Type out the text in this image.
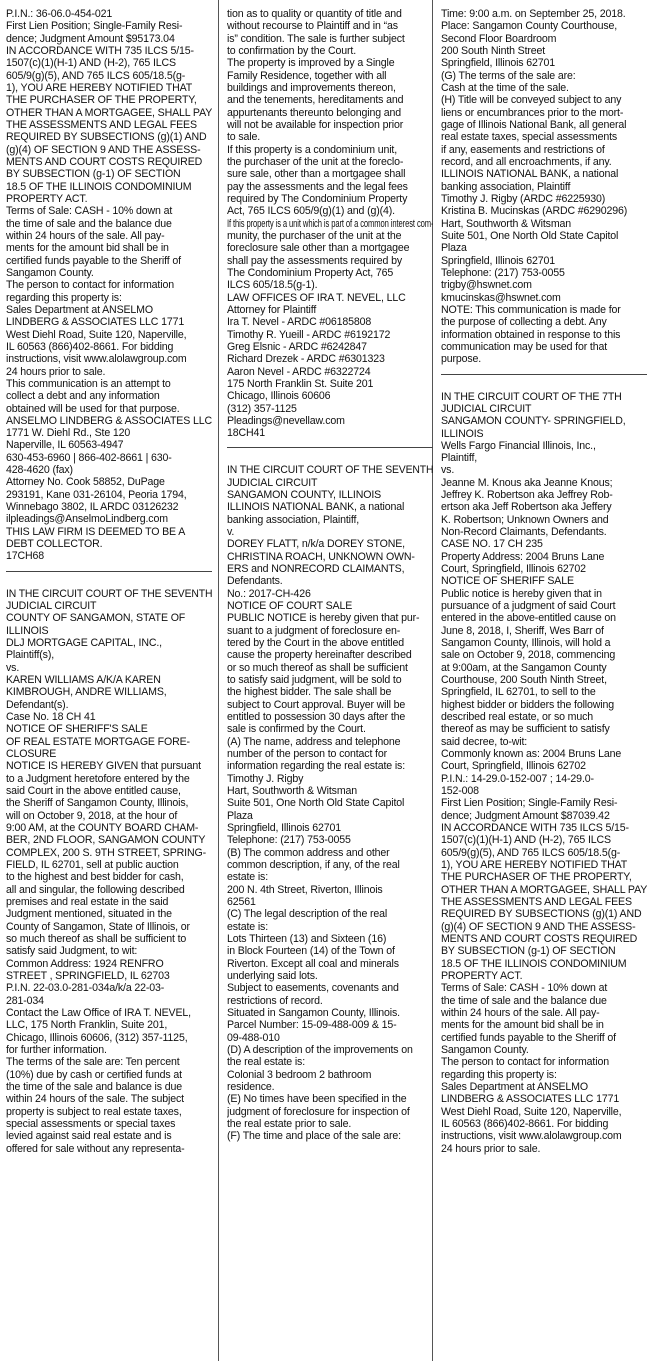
P.I.N.: 36-06.0-454-021
First Lien Position; Single-Family Resi-
dence; Judgment Amount $95173.04
IN ACCORDANCE WITH 735 ILCS 5/15-
1507(c)(1)(H-1) AND (H-2), 765 ILCS
605/9(g)(5), AND 765 ILCS 605/18.5(g-
1), YOU ARE HEREBY NOTIFIED THAT
THE PURCHASER OF THE PROPERTY,
OTHER THAN A MORTGAGEE, SHALL PAY
THE ASSESSMENTS AND LEGAL FEES
REQUIRED BY SUBSECTIONS (g)(1) AND
(g)(4) OF SECTION 9 AND THE ASSESS-
MENTS AND COURT COSTS REQUIRED
BY SUBSECTION (g-1) OF SECTION
18.5 OF THE ILLINOIS CONDOMINIUM
PROPERTY ACT.
Terms of Sale: CASH - 10% down at
the time of sale and the balance due
within 24 hours of the sale. All pay-
ments for the amount bid shall be in
certified funds payable to the Sheriff of
Sangamon County.
The person to contact for information
regarding this property is:
Sales Department at ANSELMO
LINDBERG & ASSOCIATES LLC 1771
West Diehl Road, Suite 120, Naperville,
IL 60563 (866)402-8661. For bidding
instructions, visit www.alolawgroup.com
24 hours prior to sale.
This communication is an attempt to
collect a debt and any information
obtained will be used for that purpose.
ANSELMO LINDBERG & ASSOCIATES LLC
1771 W. Diehl Rd., Ste 120
Naperville, IL 60563-4947
630-453-6960 | 866-402-8661 | 630-
428-4620 (fax)
Attorney No. Cook 58852, DuPage
293191, Kane 031-26104, Peoria 1794,
Winnebago 3802, IL ARDC 03126232
ilpleadings@AnselmoLindberg.com
THIS LAW FIRM IS DEEMED TO BE A
DEBT COLLECTOR.
17CH68
IN THE CIRCUIT COURT OF THE SEVENTH
JUDICIAL CIRCUIT
COUNTY OF SANGAMON, STATE OF
ILLINOIS
DLJ MORTGAGE CAPITAL, INC.,
Plaintiff(s),
vs.
KAREN WILLIAMS A/K/A KAREN
KIMBROUGH, ANDRE WILLIAMS,
Defendant(s).
Case No. 18 CH 41
NOTICE OF SHERIFF'S SALE
OF REAL ESTATE MORTGAGE FORE-
CLOSURE
NOTICE IS HEREBY GIVEN that pursuant
to a Judgment heretofore entered by the
said Court in the above entitled cause,
the Sheriff of Sangamon County, Illinois,
will on October 9, 2018, at the hour of
9:00 AM, at the COUNTY BOARD CHAM-
BER, 2ND FLOOR, SANGAMON COUNTY
COMPLEX, 200 S. 9TH STREET, SPRING-
FIELD, IL 62701, sell at public auction
to the highest and best bidder for cash,
all and singular, the following described
premises and real estate in the said
Judgment mentioned, situated in the
County of Sangamon, State of Illinois, or
so much thereof as shall be sufficient to
satisfy said Judgment, to wit:
Common Address: 1924 RENFRO
STREET , SPRINGFIELD, IL 62703
P.I.N. 22-03.0-281-034a/k/a 22-03-
281-034
Contact the Law Office of IRA T. NEVEL,
LLC, 175 North Franklin, Suite 201,
Chicago, Illinois 60606, (312) 357-1125,
for further information.
The terms of the sale are: Ten percent
(10%) due by cash or certified funds at
the time of the sale and balance is due
within 24 hours of the sale. The subject
property is subject to real estate taxes,
special assessments or special taxes
levied against said real estate and is
offered for sale without any representa-
tion as to quality or quantity of title and
without recourse to Plaintiff and in “as
is” condition. The sale is further subject
to confirmation by the Court.
The property is improved by a Single
Family Residence, together with all
buildings and improvements thereon,
and the tenements, hereditaments and
appurtenants thereunto belonging and
will not be available for inspection prior
to sale.
If this property is a condominium unit,
the purchaser of the unit at the foreclo-
sure sale, other than a mortgagee shall
pay the assessments and the legal fees
required by The Condominium Property
Act, 765 ILCS 605/9(g)(1) and (g)(4).
If this property is a unit which is part of a common interest com-
munity, the purchaser of the unit at the
foreclosure sale other than a mortgagee
shall pay the assessments required by
The Condominium Property Act, 765
ILCS 605/18.5(g-1).
LAW OFFICES OF IRA T. NEVEL, LLC
Attorney for Plaintiff
Ira T. Nevel - ARDC #06185808
Timothy R. Yueill - ARDC #6192172
Greg Elsnic - ARDC #6242847
Richard Drezek - ARDC #6301323
Aaron Nevel - ARDC #6322724
175 North Franklin St. Suite 201
Chicago, Illinois 60606
(312) 357-1125
Pleadings@nevellaw.com
18CH41
IN THE CIRCUIT COURT OF THE SEVENTH
JUDICIAL CIRCUIT
SANGAMON COUNTY, ILLINOIS
ILLINOIS NATIONAL BANK, a national
banking association, Plaintiff,
v.
DOREY FLATT, n/k/a DOREY STONE,
CHRISTINA ROACH, UNKNOWN OWN-
ERS and NONRECORD CLAIMANTS,
Defendants.
No.: 2017-CH-426
NOTICE OF COURT SALE
PUBLIC NOTICE is hereby given that pur-
suant to a judgment of foreclosure en-
tered by the Court in the above entitled
cause the property hereinafter described
or so much thereof as shall be sufficient
to satisfy said judgment, will be sold to
the highest bidder. The sale shall be
subject to Court approval. Buyer will be
entitled to possession 30 days after the
sale is confirmed by the Court.
(A) The name, address and telephone
number of the person to contact for
information regarding the real estate is:
Timothy J. Rigby
Hart, Southworth & Witsman
Suite 501, One North Old State Capitol
Plaza
Springfield, Illinois 62701
Telephone: (217) 753-0055
(B) The common address and other
common description, if any, of the real
estate is:
200 N. 4th Street, Riverton, Illinois
62561
(C) The legal description of the real
estate is:
Lots Thirteen (13) and Sixteen (16)
in Block Fourteen (14) of the Town of
Riverton. Except all coal and minerals
underlying said lots.
Subject to easements, covenants and
restrictions of record.
Situated in Sangamon County, Illinois.
Parcel Number: 15-09-488-009 & 15-
09-488-010
(D) A description of the improvements on
the real estate is:
Colonial 3 bedroom 2 bathroom
residence.
(E) No times have been specified in the
judgment of foreclosure for inspection of
the real estate prior to sale.
(F) The time and place of the sale are:
Time: 9:00 a.m. on September 25, 2018.
Place: Sangamon County Courthouse,
Second Floor Boardroom
200 South Ninth Street
Springfield, Illinois 62701
(G) The terms of the sale are:
Cash at the time of the sale.
(H) Title will be conveyed subject to any
liens or encumbrances prior to the mort-
gage of Illinois National Bank, all general
real estate taxes, special assessments
if any, easements and restrictions of
record, and all encroachments, if any.
ILLINOIS NATIONAL BANK, a national
banking association, Plaintiff
Timothy J. Rigby (ARDC #6225930)
Kristina B. Mucinskas (ARDC #6290296)
Hart, Southworth & Witsman
Suite 501, One North Old State Capitol
Plaza
Springfield, Illinois 62701
Telephone: (217) 753-0055
trigby@hswnet.com
kmucinskas@hswnet.com
NOTE: This communication is made for
the purpose of collecting a debt. Any
information obtained in response to this
communication may be used for that
purpose.
IN THE CIRCUIT COURT OF THE 7TH
JUDICIAL CIRCUIT
SANGAMON COUNTY- SPRINGFIELD,
ILLINOIS
Wells Fargo Financial Illinois, Inc.,
Plaintiff,
vs.
Jeanne M. Knous aka Jeanne Knous;
Jeffrey K. Robertson aka Jeffrey Rob-
ertson aka Jeff Robertson aka Jeffery
K. Robertson; Unknown Owners and
Non-Record Claimants, Defendants.
CASE NO. 17 CH 235
Property Address: 2004 Bruns Lane
Court, Springfield, Illinois 62702
NOTICE OF SHERIFF SALE
Public notice is hereby given that in
pursuance of a judgment of said Court
entered in the above-entitled cause on
June 8, 2018, I, Sheriff, Wes Barr of
Sangamon County, Illinois, will hold a
sale on October 9, 2018, commencing
at 9:00am, at the Sangamon County
Courthouse, 200 South Ninth Street,
Springfield, IL 62701, to sell to the
highest bidder or bidders the following
described real estate, or so much
thereof as may be sufficient to satisfy
said decree, to-wit:
Commonly known as: 2004 Bruns Lane
Court, Springfield, Illinois 62702
P.I.N.: 14-29.0-152-007 ; 14-29.0-
152-008
First Lien Position; Single-Family Resi-
dence; Judgment Amount $87039.42
IN ACCORDANCE WITH 735 ILCS 5/15-
1507(c)(1)(H-1) AND (H-2), 765 ILCS
605/9(g)(5), AND 765 ILCS 605/18.5(g-
1), YOU ARE HEREBY NOTIFIED THAT
THE PURCHASER OF THE PROPERTY,
OTHER THAN A MORTGAGEE, SHALL PAY
THE ASSESSMENTS AND LEGAL FEES
REQUIRED BY SUBSECTIONS (g)(1) AND
(g)(4) OF SECTION 9 AND THE ASSESS-
MENTS AND COURT COSTS REQUIRED
BY SUBSECTION (g-1) OF SECTION
18.5 OF THE ILLINOIS CONDOMINIUM
PROPERTY ACT.
Terms of Sale: CASH - 10% down at
the time of sale and the balance due
within 24 hours of the sale. All pay-
ments for the amount bid shall be in
certified funds payable to the Sheriff of
Sangamon County.
The person to contact for information
regarding this property is:
Sales Department at ANSELMO
LINDBERG & ASSOCIATES LLC 1771
West Diehl Road, Suite 120, Naperville,
IL 60563 (866)402-8661. For bidding
instructions, visit www.alolawgroup.com
24 hours prior to sale.
